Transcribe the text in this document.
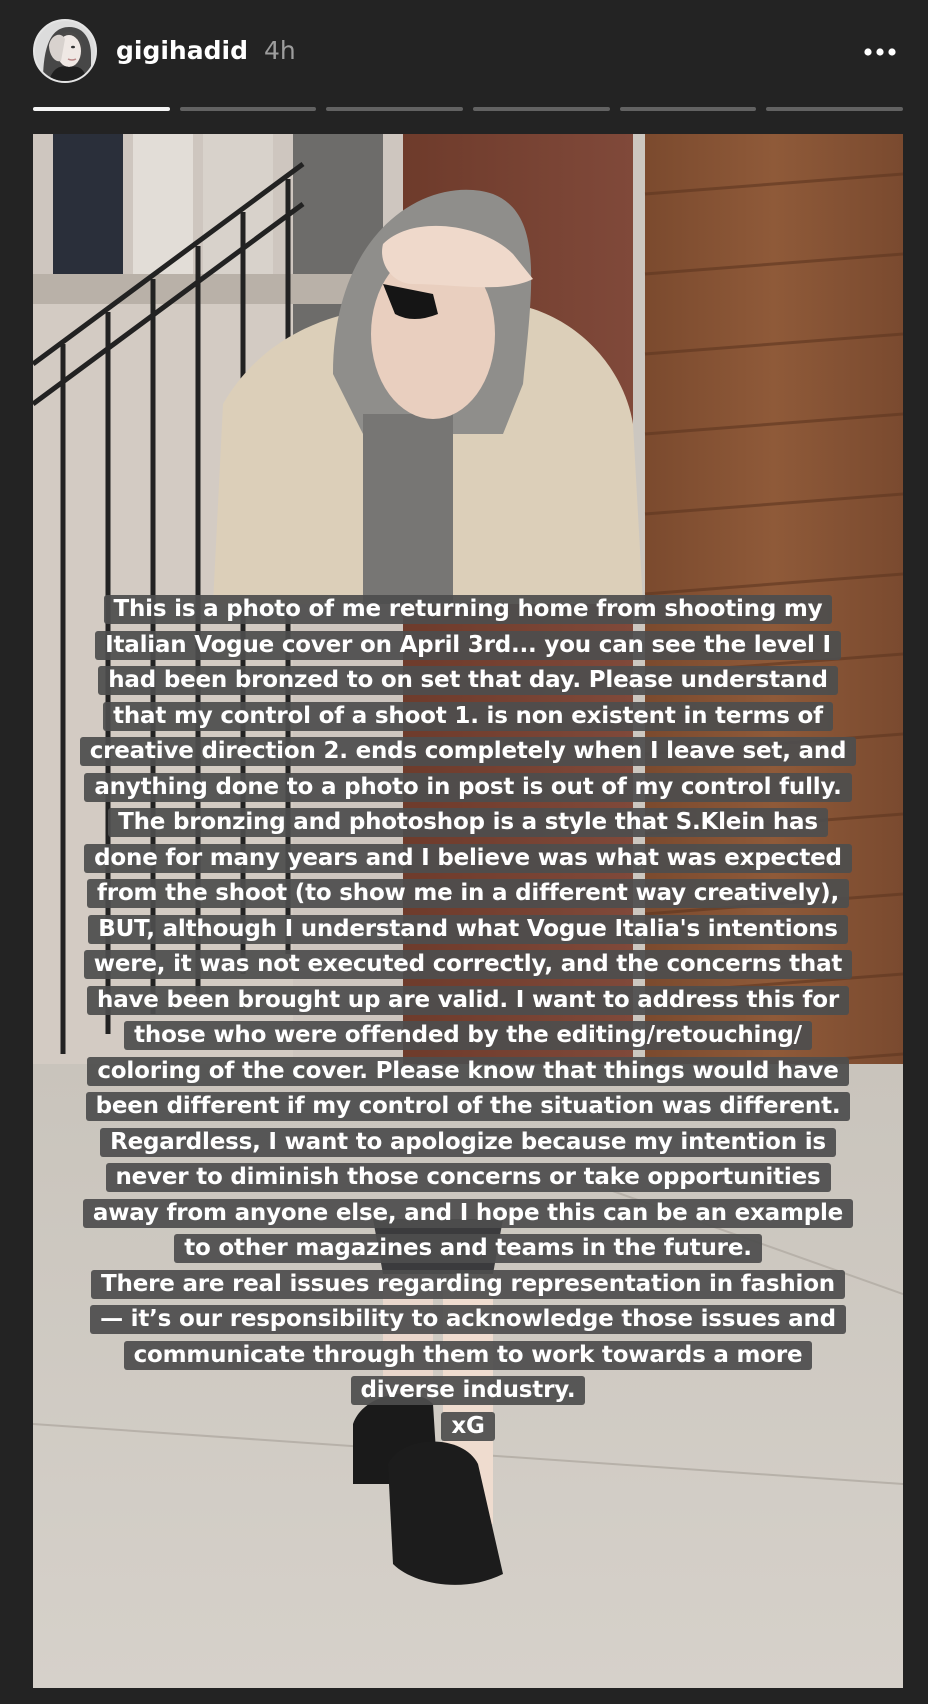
gigihadid 4h
This is a photo of me returning home from shooting my
Italian Vogue cover on April 3rd... you can see the level I
had been bronzed to on set that day. Please understand
that my control of a shoot 1. is non existent in terms of
creative direction 2. ends completely when I leave set, and
anything done to a photo in post is out of my control fully.
The bronzing and photoshop is a style that S.Klein has
done for many years and I believe was what was expected
from the shoot (to show me in a different way creatively),
BUT, although I understand what Vogue Italia's intentions
were, it was not executed correctly, and the concerns that
have been brought up are valid. I want to address this for
those who were offended by the editing/retouching/
coloring of the cover. Please know that things would have
been different if my control of the situation was different.
Regardless, I want to apologize because my intention is
never to diminish those concerns or take opportunities
away from anyone else, and I hope this can be an example
to other magazines and teams in the future.
There are real issues regarding representation in fashion
— it’s our responsibility to acknowledge those issues and
communicate through them to work towards a more
diverse industry.
xG
